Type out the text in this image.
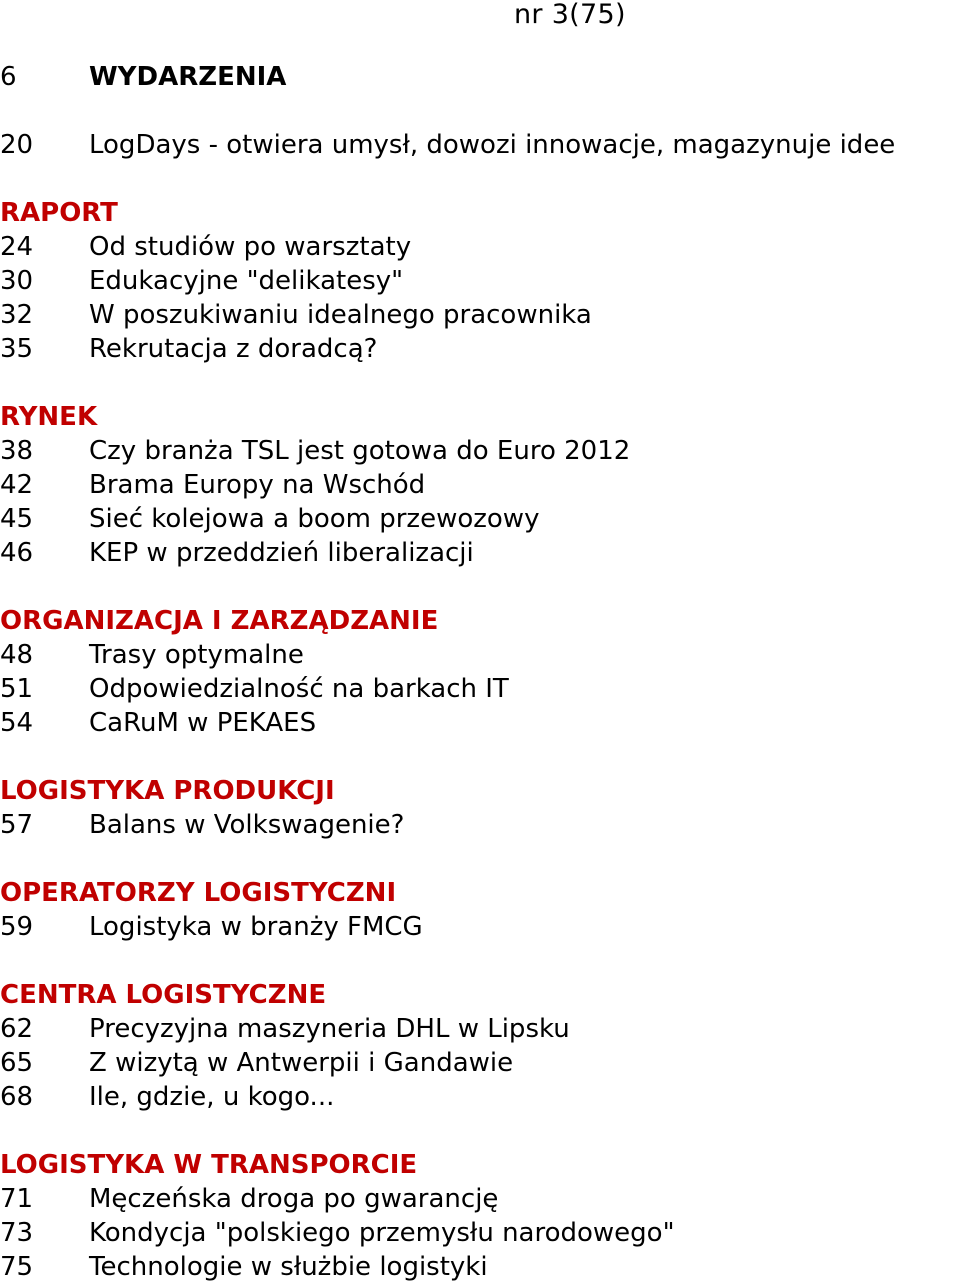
nr 3(75)
6	WYDARZENIA
20	LogDays - otwiera umysł, dowozi innowacje, magazynuje idee
RAPORT
24	Od studiów po warsztaty
30	Edukacyjne "delikatesy"
32	W poszukiwaniu idealnego pracownika
35	Rekrutacja z doradcą?
RYNEK
38	Czy branża TSL jest gotowa do Euro 2012
42	Brama Europy na Wschód
45	Sieć kolejowa a boom przewozowy
46	KEP w przeddzień liberalizacji
ORGANIZACJA I ZARZĄDZANIE
48	Trasy optymalne
51	Odpowiedzialność na barkach IT
54	CaRuM w PEKAES
LOGISTYKA PRODUKCJI
57	Balans w Volkswagenie?
OPERATORZY LOGISTYCZNI
59	Logistyka w branży FMCG
CENTRA LOGISTYCZNE
62	Precyzyjna maszyneria DHL w Lipsku
65	Z wizytą w Antwerpii i Gandawie
68	Ile, gdzie, u kogo...
LOGISTYKA W TRANSPORCIE
71	Męczeńska droga po gwarancję
73	Kondycja "polskiego przemysłu narodowego"
75	Technologie w służbie logistyki
